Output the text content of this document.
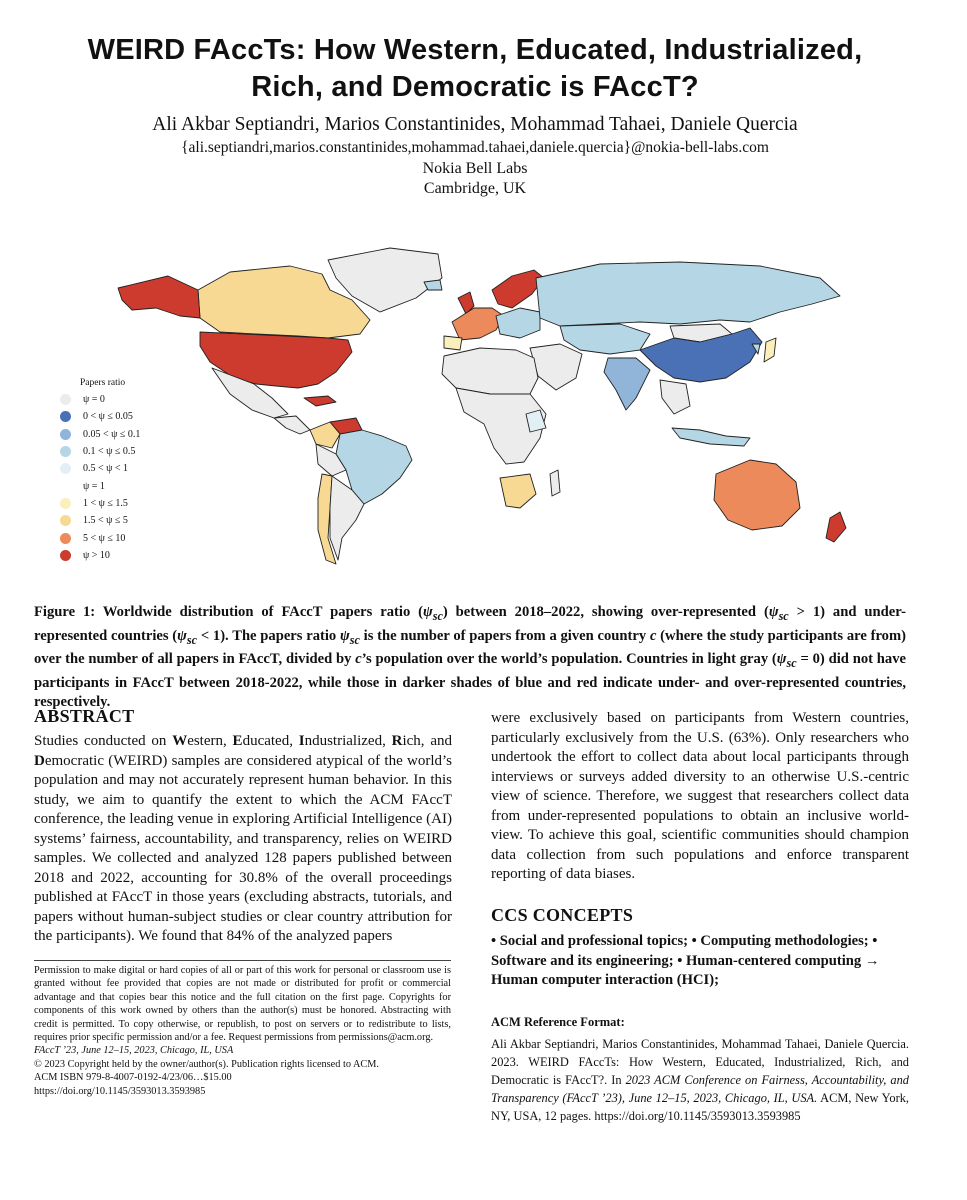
WEIRD FAccTs: How Western, Educated, Industrialized,
Rich, and Democratic is FAccT?
Ali Akbar Septiandri, Marios Constantinides, Mohammad Tahaei, Daniele Quercia
{ali.septiandri,marios.constantinides,mohammad.tahaei,daniele.quercia}@nokia-bell-labs.com
Nokia Bell Labs
Cambridge, UK
Papers ratio
ψ = 0
0 < ψ ≤ 0.05
0.05 < ψ ≤ 0.1
0.1 < ψ ≤ 0.5
0.5 < ψ < 1
ψ = 1
1 < ψ ≤ 1.5
1.5 < ψ ≤ 5
5 < ψ ≤ 10
ψ > 10
Figure 1: Worldwide distribution of FAccT papers ratio $(\psi_{sc})$ between 2018–2022, showing over-represented $(\psi_{sc} > 1)$ and under-represented countries $(\psi_{sc} < 1)$. The papers ratio $\psi_{sc}$ is the number of papers from a given country c (where the study participants are from) over the number of all papers in FAccT, divided by c’s population over the world’s population. Countries in light gray $(\psi_{sc} = 0)$ did not have participants in FAccT between 2018-2022, while those in darker shades of blue and red indicate under- and over-represented countries, respectively.
ABSTRACT
Studies conducted on Western, Educated, Industrialized, Rich, and Democratic (WEIRD) samples are considered atypical of the world’s population and may not accurately represent human behavior. In this study, we aim to quantify the extent to which the ACM FAccT conference, the leading venue in exploring Artificial Intelligence (AI) systems’ fairness, accountability, and transparency, relies on WEIRD samples. We collected and analyzed 128 papers published between 2018 and 2022, accounting for 30.8% of the overall proceedings published at FAccT in those years (excluding abstracts, tutorials, and papers without human-subject studies or clear country attribution for the participants). We found that 84% of the analyzed papers
Permission to make digital or hard copies of all or part of this work for personal or classroom use is granted without fee provided that copies are not made or distributed for profit or commercial advantage and that copies bear this notice and the full citation on the first page. Copyrights for components of this work owned by others than the author(s) must be honored. Abstracting with credit is permitted. To copy otherwise, or republish, to post on servers or to redistribute to lists, requires prior specific permission and/or a fee. Request permissions from permissions@acm.org.
FAccT ’23, June 12–15, 2023, Chicago, IL, USA
© 2023 Copyright held by the owner/author(s). Publication rights licensed to ACM.
ACM ISBN 979-8-4007-0192-4/23/06…$15.00
https://doi.org/10.1145/3593013.3593985
were exclusively based on participants from Western countries, particularly exclusively from the U.S. (63%). Only researchers who undertook the effort to collect data about local participants through interviews or surveys added diversity to an otherwise U.S.-centric view of science. Therefore, we suggest that researchers collect data from under-represented populations to obtain an inclusive world-view. To achieve this goal, scientific communities should champion data collection from such populations and enforce transparent reporting of data biases.
CCS CONCEPTS
• Social and professional topics; • Computing methodologies; • Software and its engineering; • Human-centered computing → Human computer interaction (HCI);
ACM Reference Format:
Ali Akbar Septiandri, Marios Constantinides, Mohammad Tahaei, Daniele Quercia. 2023. WEIRD FAccTs: How Western, Educated, Industrialized, Rich, and Democratic is FAccT?. In 2023 ACM Conference on Fairness, Accountability, and Transparency (FAccT ’23), June 12–15, 2023, Chicago, IL, USA. ACM, New York, NY, USA, 12 pages. https://doi.org/10.1145/3593013.3593985
